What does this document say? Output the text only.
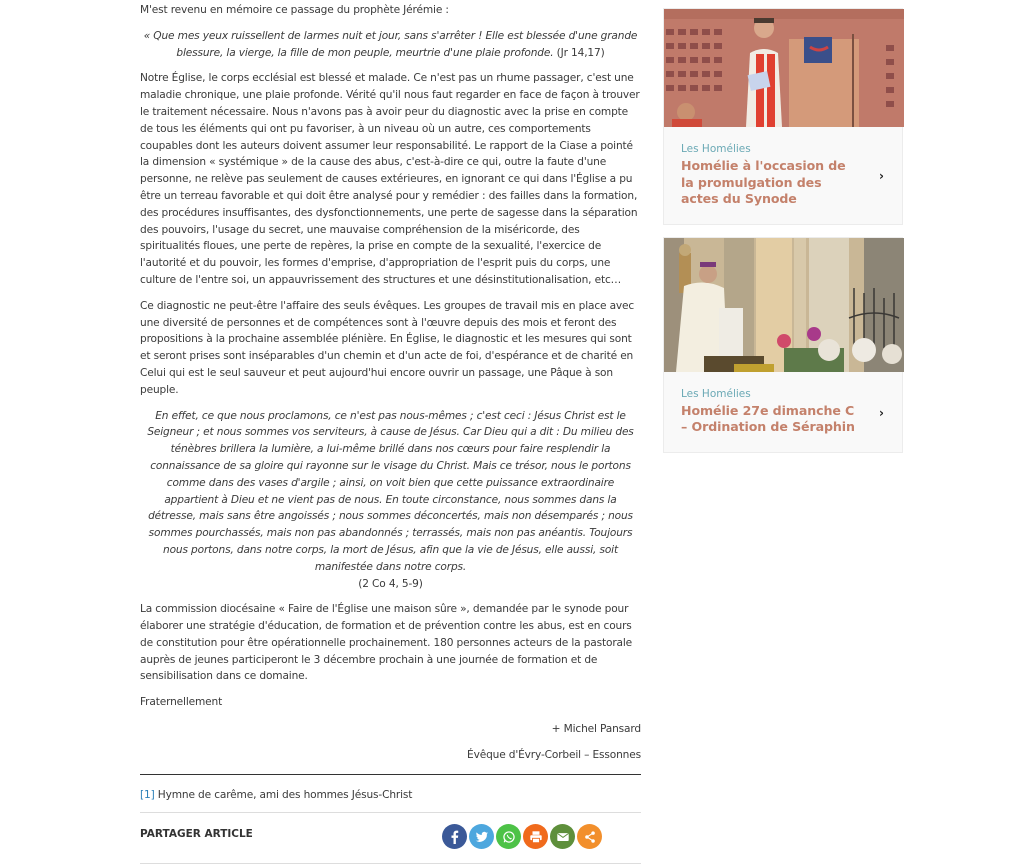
M'est revenu en mémoire ce passage du prophète Jérémie :

« Que mes yeux ruissellent de larmes nuit et jour, sans s'arrêter ! Elle est blessée d'une grande blessure, la vierge, la fille de mon peuple, meurtrie d'une plaie profonde. (Jr 14,17)

Notre Église, le corps ecclésial est blessé et malade. Ce n'est pas un rhume passager, c'est une maladie chronique, une plaie profonde. Vérité qu'il nous faut regarder en face de façon à trouver le traitement nécessaire. Nous n'avons pas à avoir peur du diagnostic avec la prise en compte de tous les éléments qui ont pu favoriser, à un niveau où un autre, ces comportements coupables dont les auteurs doivent assumer leur responsabilité. Le rapport de la Ciase a pointé la dimension « systémique » de la cause des abus, c'est-à-dire ce qui, outre la faute d'une personne, ne relève pas seulement de causes extérieures, en ignorant ce qui dans l'Église a pu être un terreau favorable et qui doit être analysé pour y remédier : des failles dans la formation, des procédures insuffisantes, des dysfonctionnements, une perte de sagesse dans la séparation des pouvoirs, l'usage du secret, une mauvaise compréhension de la miséricorde, des spiritualités floues, une perte de repères, la prise en compte de la sexualité, l'exercice de l'autorité et du pouvoir, les formes d'emprise, d'appropriation de l'esprit puis du corps, une culture de l'entre soi, un appauvrissement des structures et une désinstitutionalisation, etc…

Ce diagnostic ne peut-être l'affaire des seuls évêques. Les groupes de travail mis en place avec une diversité de personnes et de compétences sont à l'œuvre depuis des mois et feront des propositions à la prochaine assemblée plénière. En Église, le diagnostic et les mesures qui sont et seront prises sont inséparables d'un chemin et d'un acte de foi, d'espérance et de charité en Celui qui est le seul sauveur et peut aujourd'hui encore ouvrir un passage, une Pâque à son peuple.

En effet, ce que nous proclamons, ce n'est pas nous-mêmes ; c'est ceci : Jésus Christ est le Seigneur ; et nous sommes vos serviteurs, à cause de Jésus. Car Dieu qui a dit : Du milieu des ténèbres brillera la lumière, a lui-même brillé dans nos cœurs pour faire resplendir la connaissance de sa gloire qui rayonne sur le visage du Christ. Mais ce trésor, nous le portons comme dans des vases d'argile ; ainsi, on voit bien que cette puissance extraordinaire appartient à Dieu et ne vient pas de nous. En toute circonstance, nous sommes dans la détresse, mais sans être angoissés ; nous sommes déconcertés, mais non désemparés ; nous sommes pourchassés, mais non pas abandonnés ; terrassés, mais non pas anéantis. Toujours nous portons, dans notre corps, la mort de Jésus, afin que la vie de Jésus, elle aussi, soit manifestée dans notre corps.
(2 Co 4, 5-9)

La commission diocésaine « Faire de l'Église une maison sûre », demandée par le synode pour élaborer une stratégie d'éducation, de formation et de prévention contre les abus, est en cours de constitution pour être opérationnelle prochainement. 180 personnes acteurs de la pastorale auprès de jeunes participeront le 3 décembre prochain à une journée de formation et de sensibilisation dans ce domaine.

Fraternellement

+ Michel Pansard

Évêque d'Évry-Corbeil – Essonnes

[1] Hymne de carême, ami des hommes Jésus-Christ

PARTAGER ARTICLE
Les Homélies
Homélie à l'occasion de la promulgation des actes du Synode
›
Les Homélies
Homélie 27e dimanche C – Ordination de Séraphin
›
